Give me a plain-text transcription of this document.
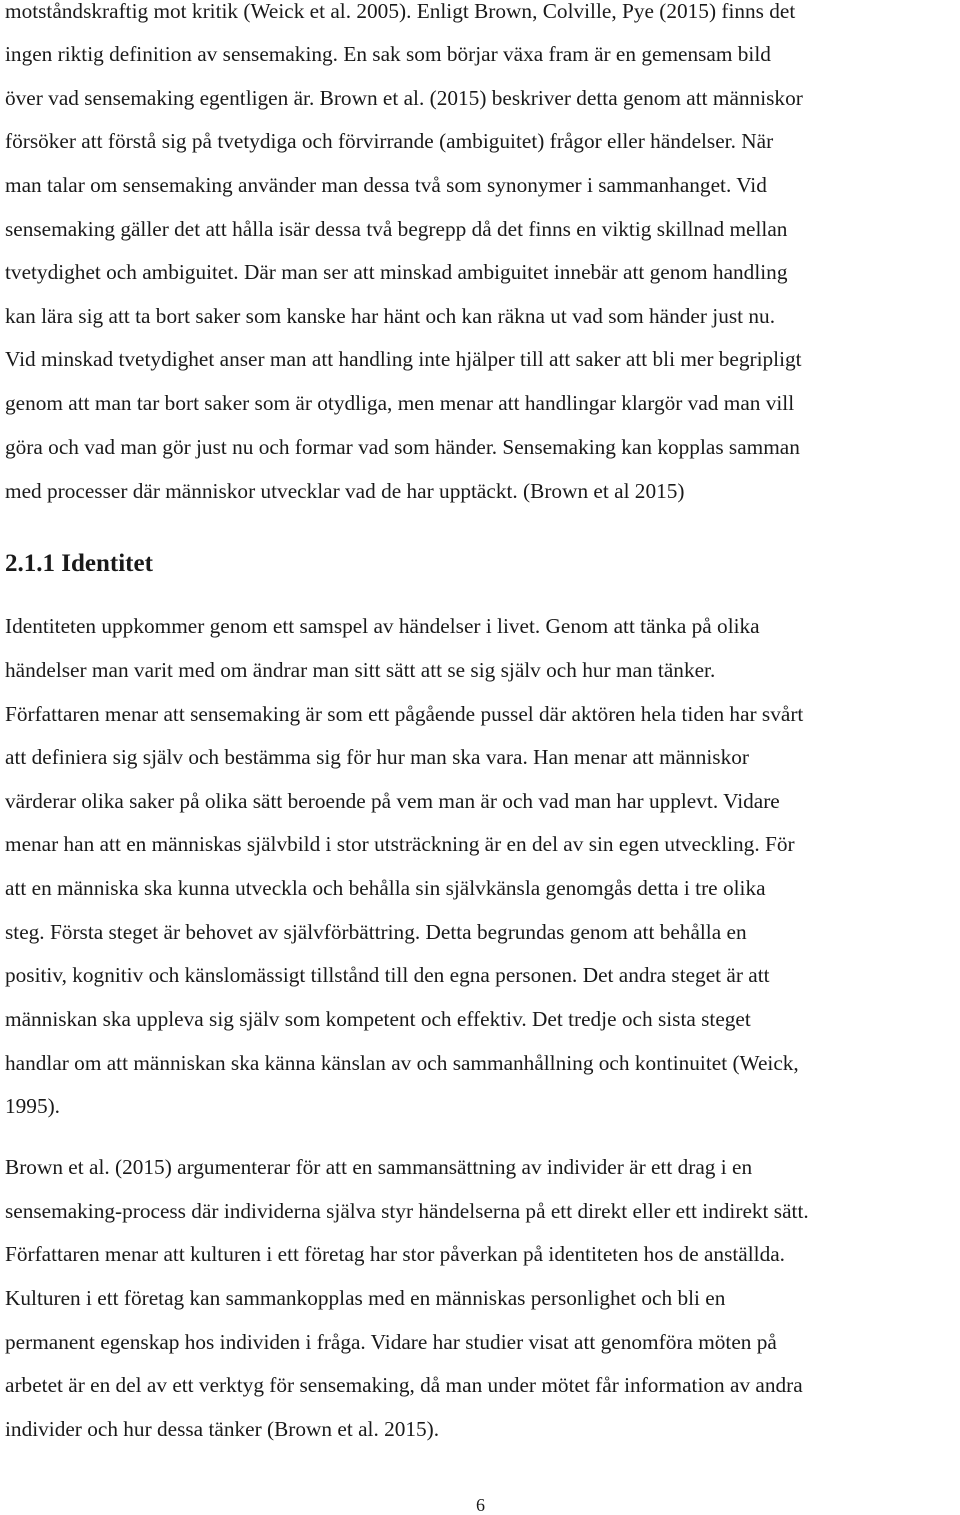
motståndskraftig mot kritik (Weick et al. 2005). Enligt Brown, Colville, Pye (2015) finns det
ingen riktig definition av sensemaking. En sak som börjar växa fram är en gemensam bild
över vad sensemaking egentligen är. Brown et al. (2015) beskriver detta genom att människor
försöker att förstå sig på tvetydiga och förvirrande (ambiguitet) frågor eller händelser. När
man talar om sensemaking använder man dessa två som synonymer i sammanhanget. Vid
sensemaking gäller det att hålla isär dessa två begrepp då det finns en viktig skillnad mellan
tvetydighet och ambiguitet. Där man ser att minskad ambiguitet innebär att genom handling
kan lära sig att ta bort saker som kanske har hänt och kan räkna ut vad som händer just nu.
Vid minskad tvetydighet anser man att handling inte hjälper till att saker att bli mer begripligt
genom att man tar bort saker som är otydliga, men menar att handlingar klargör vad man vill
göra och vad man gör just nu och formar vad som händer. Sensemaking kan kopplas samman
med processer där människor utvecklar vad de har upptäckt. (Brown et al 2015)
2.1.1 Identitet
Identiteten uppkommer genom ett samspel av händelser i livet. Genom att tänka på olika
händelser man varit med om ändrar man sitt sätt att se sig själv och hur man tänker.
Författaren menar att sensemaking är som ett pågående pussel där aktören hela tiden har svårt
att definiera sig själv och bestämma sig för hur man ska vara. Han menar att människor
värderar olika saker på olika sätt beroende på vem man är och vad man har upplevt. Vidare
menar han att en människas självbild i stor utsträckning är en del av sin egen utveckling. För
att en människa ska kunna utveckla och behålla sin självkänsla genomgås detta i tre olika
steg. Första steget är behovet av självförbättring. Detta begrundas genom att behålla en
positiv, kognitiv och känslomässigt tillstånd till den egna personen. Det andra steget är att
människan ska uppleva sig själv som kompetent och effektiv. Det tredje och sista steget
handlar om att människan ska känna känslan av och sammanhållning och kontinuitet (Weick,
1995).
Brown et al. (2015) argumenterar för att en sammansättning av individer är ett drag i en
sensemaking-process där individerna själva styr händelserna på ett direkt eller ett indirekt sätt.
Författaren menar att kulturen i ett företag har stor påverkan på identiteten hos de anställda.
Kulturen i ett företag kan sammankopplas med en människas personlighet och bli en
permanent egenskap hos individen i fråga. Vidare har studier visat att genomföra möten på
arbetet är en del av ett verktyg för sensemaking, då man under mötet får information av andra
individer och hur dessa tänker (Brown et al. 2015).
6
